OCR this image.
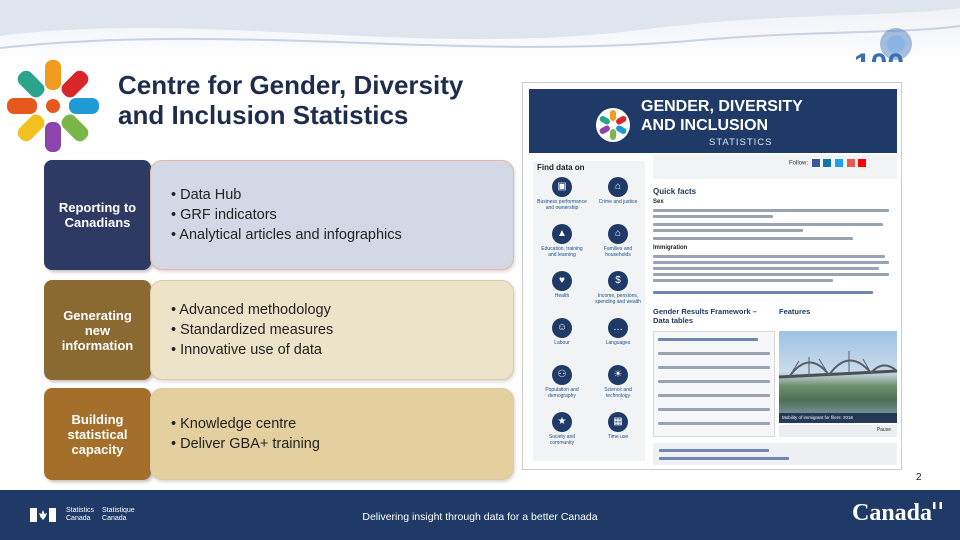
100
Centre for Gender, Diversity
and Inclusion Statistics
Reporting to Canadians
• Data Hub
• GRF indicators
• Analytical articles and infographics
Generating new information
• Advanced methodology
• Standardized measures
• Innovative use of data
Building statistical capacity
• Knowledge centre
• Deliver GBA+ training
GENDER, DIVERSITY
AND INCLUSION
STATISTICS
Find data on
▣
Business performance and ownership
⌂
Crime and justice
▲
Education, training and learning
⌂
Families and households
♥
Health
$
Income, pensions, spending and wealth
☺
Labour
…
Languages
⚇
Population and demography
☀
Science and technology
★
Society and community
▦
Time use
Follow:
Quick facts
Sex
Immigration
Gender Results Framework – Data tables
Features
Mobility of immigrant for filers: 2016
Pause
2
Statistics
Canada
Statistique
Canada	Delivering insight through data for a better Canada	Canada
